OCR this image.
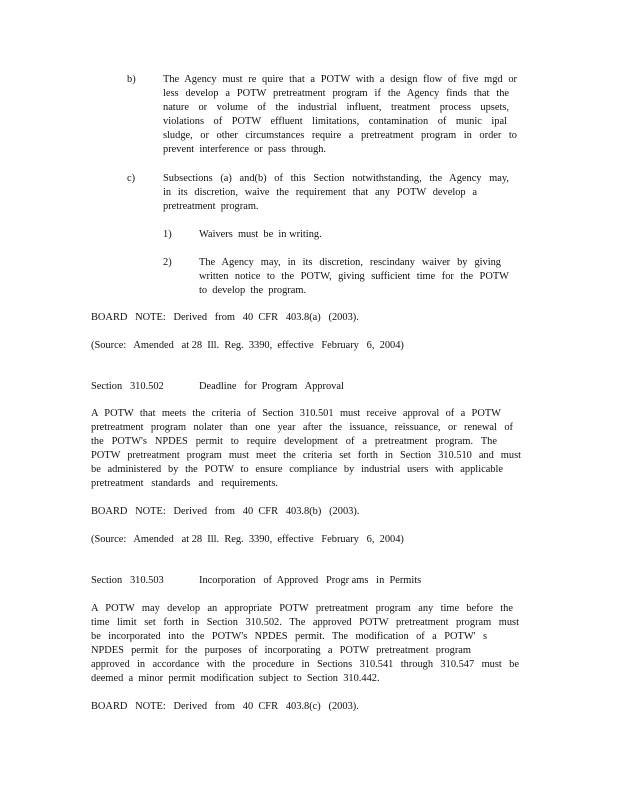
b)	The Agency must re quire that a POTW with a design flow of five mgd or
less develop a POTW pretreatment program if the Agency finds that the
nature or volume of the industrial influent, treatment process upsets,
violations of POTW effluent limitations, contamination of munic ipal
sludge, or other circumstances require a pretreatment program in order to
prevent  interference  or  pass  through.
c)	Subsections (a) and(b) of this Section notwithstanding, the Agency may,
in its discretion, waive the requirement that any POTW develop a
pretreatment  program.
1)	Waivers  must  be  in writing.
2)	The Agency may, in its discretion, rescindany waiver by giving
written notice to the POTW, giving sufficient time for the POTW
to  develop  the  program.
BOARD   NOTE:   Derived   from   40  CFR   403.8(a)   (2003).
(Source:   Amended   at 28  Ill.  Reg.  3390,  effective   February   6,  2004)
Section   310.502	Deadline   for  Program   Approval
A POTW that meets the criteria of Section 310.501 must receive approval of a POTW
pretreatment program nolater than one year after the issuance, reissuance, or renewal of
the POTW's NPDES permit to require development of a pretreatment program. The
POTW pretreatment program must meet the criteria set forth in Section 310.510 and must
be administered by the POTW to ensure compliance by industrial users with applicable
pretreatment   standards   and   requirements.
BOARD   NOTE:   Derived   from   40  CFR   403.8(b)   (2003).
(Source:   Amended   at 28  Ill.  Reg.  3390,  effective   February   6,  2004)
Section   310.503	Incorporation   of  Approved   Progr ams   in  Permits
A POTW may develop an appropriate POTW pretreatment program any time before the
time limit set forth in Section 310.502. The approved POTW pretreatment program must
be incorporated into the POTW's NPDES permit. The modification of a POTW' s
NPDES permit for the purposes of incorporating a POTW pretreatment program
approved in accordance with the procedure in Sections 310.541 through 310.547 must be
deemed  a  minor  permit  modification  subject  to  Section  310.442.
BOARD   NOTE:   Derived   from   40  CFR   403.8(c)   (2003).
